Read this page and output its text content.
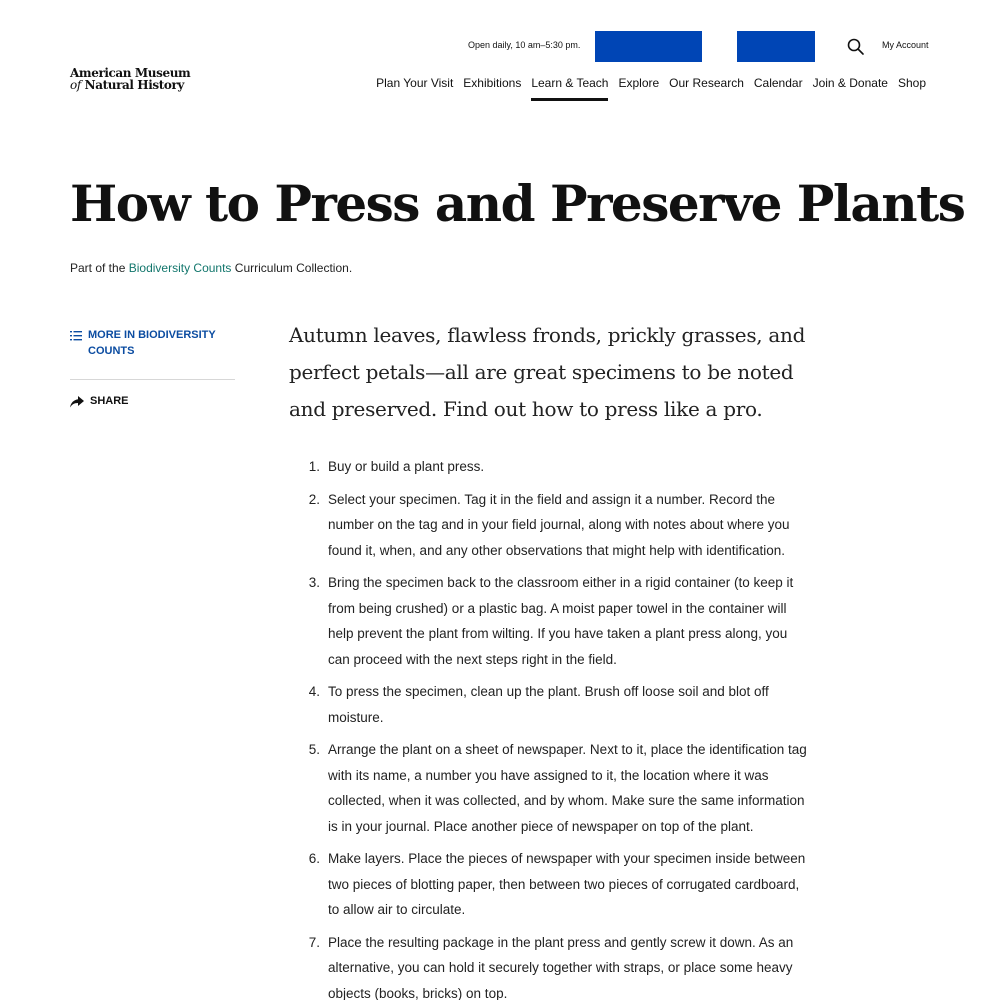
Open daily, 10 am–5:30 pm.	My Account
American Museum
of Natural History	Plan Your Visit Exhibitions Learn & Teach Explore Our Research Calendar Join & Donate Shop
How to Press and Preserve Plants
Part of the Biodiversity Counts Curriculum Collection.
MORE IN BIODIVERSITY COUNTS
SHARE

Autumn leaves, flawless fronds, prickly grasses, and perfect petals—all are great specimens to be noted and preserved. Find out how to press like a pro.

1. Buy or build a plant press.
2. Select your specimen. Tag it in the field and assign it a number. Record the number on the tag and in your field journal, along with notes about where you found it, when, and any other observations that might help with identification.
3. Bring the specimen back to the classroom either in a rigid container (to keep it from being crushed) or a plastic bag. A moist paper towel in the container will help prevent the plant from wilting. If you have taken a plant press along, you can proceed with the next steps right in the field.
4. To press the specimen, clean up the plant. Brush off loose soil and blot off moisture.
5. Arrange the plant on a sheet of newspaper. Next to it, place the identification tag with its name, a number you have assigned to it, the location where it was collected, when it was collected, and by whom. Make sure the same information is in your journal. Place another piece of newspaper on top of the plant.
6. Make layers. Place the pieces of newspaper with your specimen inside between two pieces of blotting paper, then between two pieces of corrugated cardboard, to allow air to circulate.
7. Place the resulting package in the plant press and gently screw it down. As an alternative, you can hold it securely together with straps, or place some heavy objects (books, bricks) on top.
